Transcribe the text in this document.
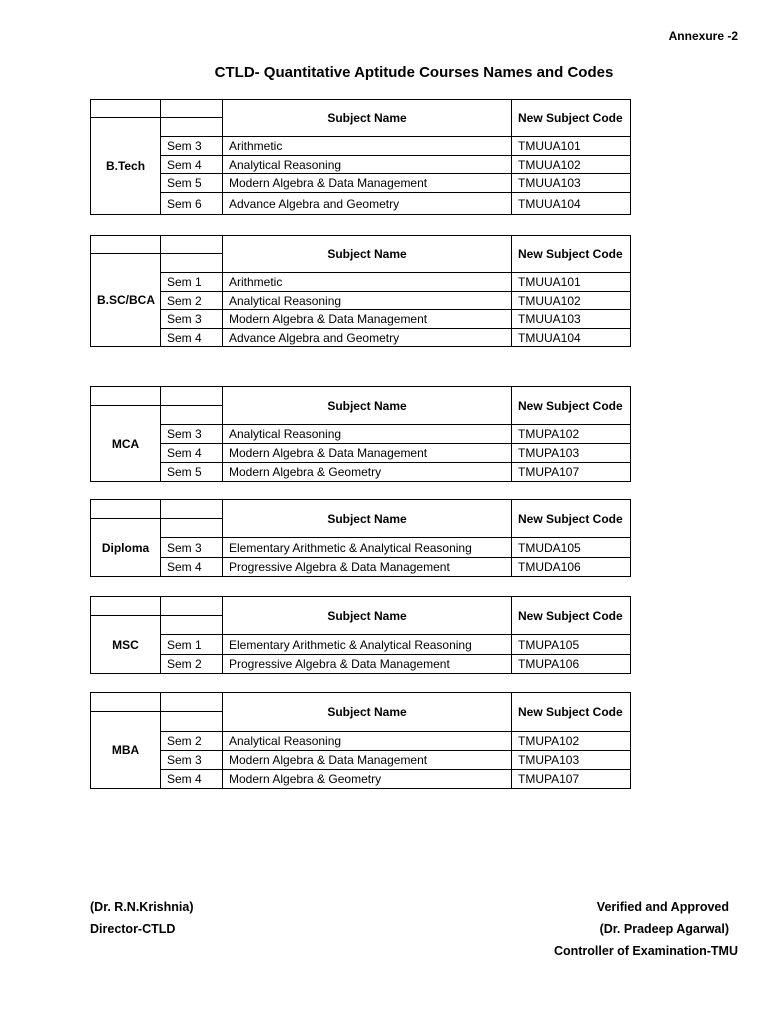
Annexure -2
CTLD- Quantitative Aptitude Courses Names and Codes
		Subject Name	New Subject Code
B.Tech			
	Sem 3	Arithmetic	TMUUA101
	Sem 4	Analytical Reasoning	TMUUA102
	Sem 5	Modern Algebra & Data Management	TMUUA103
	Sem 6	Advance Algebra and Geometry	TMUUA104
		Subject Name	New Subject Code
B.SC/BCA			
	Sem 1	Arithmetic	TMUUA101
	Sem 2	Analytical Reasoning	TMUUA102
	Sem 3	Modern Algebra & Data Management	TMUUA103
	Sem 4	Advance Algebra and Geometry	TMUUA104
		Subject Name	New Subject Code
MCA			
	Sem 3	Analytical Reasoning	TMUPA102
	Sem 4	Modern Algebra & Data Management	TMUPA103
	Sem 5	Modern Algebra & Geometry	TMUPA107
		Subject Name	New Subject Code
Diploma			
	Sem 3	Elementary Arithmetic & Analytical Reasoning	TMUDA105
	Sem 4	Progressive Algebra & Data Management	TMUDA106
		Subject Name	New Subject Code
MSC			
	Sem 1	Elementary Arithmetic & Analytical Reasoning	TMUPA105
	Sem 2	Progressive Algebra & Data Management	TMUPA106
		Subject Name	New Subject Code
MBA			
	Sem 2	Analytical Reasoning	TMUPA102
	Sem 3	Modern Algebra & Data Management	TMUPA103
	Sem 4	Modern Algebra & Geometry	TMUPA107
(Dr. R.N.Krishnia)
Director-CTLD
Verified and Approved
(Dr. Pradeep Agarwal)
Controller of Examination-TMU
